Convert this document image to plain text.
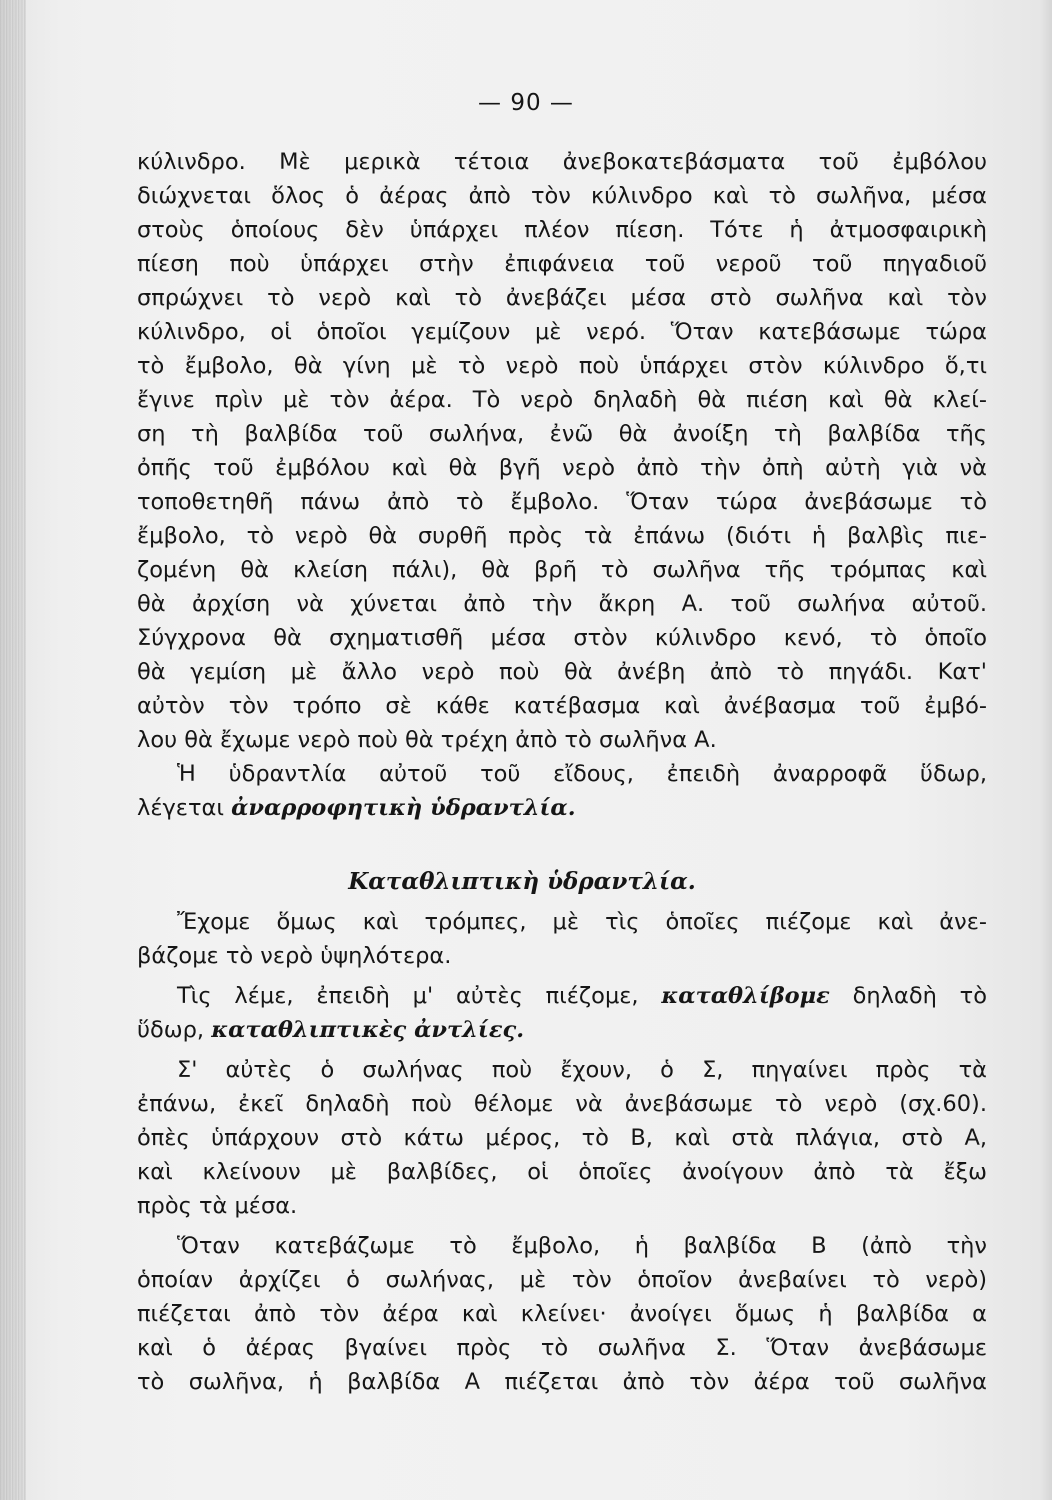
— 90 —
κύλινδρο. Μὲ μερικὰ τέτοια ἀνεβοκατεβάσματα τοῦ ἐμβόλου
διώχνεται ὅλος ὁ ἀέρας ἀπὸ τὸν κύλινδρο καὶ τὸ σωλῆνα, μέσα
στοὺς ὁποίους δὲν ὑπάρχει πλέον πίεση. Τότε ἡ ἀτμοσφαιρικὴ
πίεση ποὺ ὑπάρχει στὴν ἐπιφάνεια τοῦ νεροῦ τοῦ πηγαδιοῦ
σπρώχνει τὸ νερὸ καὶ τὸ ἀνεβάζει μέσα στὸ σωλῆνα καὶ τὸν
κύλινδρο, οἱ ὁποῖοι γεμίζουν μὲ νερό. Ὅταν κατεβάσωμε τώρα
τὸ ἔμβολο, θὰ γίνη μὲ τὸ νερὸ ποὺ ὑπάρχει στὸν κύλινδρο ὅ,τι
ἔγινε πρὶν μὲ τὸν ἀέρα. Τὸ νερὸ δηλαδὴ θὰ πιέση καὶ θὰ κλεί-
ση τὴ βαλβίδα τοῦ σωλήνα, ἐνῶ θὰ ἀνοίξη τὴ βαλβίδα τῆς
ὀπῆς τοῦ ἐμβόλου καὶ θὰ βγῆ νερὸ ἀπὸ τὴν ὀπὴ αὐτὴ γιὰ νὰ
τοποθετηθῆ πάνω ἀπὸ τὸ ἔμβολο. Ὅταν τώρα ἀνεβάσωμε τὸ
ἔμβολο, τὸ νερὸ θὰ συρθῆ πρὸς τὰ ἐπάνω (διότι ἡ βαλβὶς πιε-
ζομένη θὰ κλείση πάλι), θὰ βρῆ τὸ σωλῆνα τῆς τρόμπας καὶ
θὰ ἀρχίση νὰ χύνεται ἀπὸ τὴν ἄκρη Α. τοῦ σωλήνα αὐτοῦ.
Σύγχρονα θὰ σχηματισθῆ μέσα στὸν κύλινδρο κενό, τὸ ὁποῖο
θὰ γεμίση μὲ ἄλλο νερὸ ποὺ θὰ ἀνέβη ἀπὸ τὸ πηγάδι. Κατ'
αὐτὸν τὸν τρόπο σὲ κάθε κατέβασμα καὶ ἀνέβασμα τοῦ ἐμβό-
λου θὰ ἔχωμε νερὸ ποὺ θὰ τρέχη ἀπὸ τὸ σωλῆνα Α.
Ἡ ὑδραντλία αὐτοῦ τοῦ εἴδους, ἐπειδὴ ἀναρροφᾶ ὕδωρ,
λέγεται ἀναρροφητικὴ ὑδραντλία.
Καταθλιπτικὴ ὑδραντλία.
Ἔχομε ὅμως καὶ τρόμπες, μὲ τὶς ὁποῖες πιέζομε καὶ ἀνε-
βάζομε τὸ νερὸ ὑψηλότερα.
Τὶς λέμε, ἐπειδὴ μ' αὐτὲς πιέζομε, καταθλίβομε δηλαδὴ τὸ
ὕδωρ, καταθλιπτικὲς ἀντλίες.
Σ' αὐτὲς ὁ σωλήνας ποὺ ἔχουν, ὁ Σ, πηγαίνει πρὸς τὰ
ἐπάνω, ἐκεῖ δηλαδὴ ποὺ θέλομε νὰ ἀνεβάσωμε τὸ νερὸ (σχ.60).
ὀπὲς ὑπάρχουν στὸ κάτω μέρος, τὸ Β, καὶ στὰ πλάγια, στὸ Α,
καὶ κλείνουν μὲ βαλβίδες, οἱ ὁποῖες ἀνοίγουν ἀπὸ τὰ ἔξω
πρὸς τὰ μέσα.
Ὅταν κατεβάζωμε τὸ ἔμβολο, ἡ βαλβίδα Β (ἀπὸ τὴν
ὁποίαν ἀρχίζει ὁ σωλήνας, μὲ τὸν ὁποῖον ἀνεβαίνει τὸ νερὸ)
πιέζεται ἀπὸ τὸν ἀέρα καὶ κλείνει· ἀνοίγει ὅμως ἡ βαλβίδα α
καὶ ὁ ἀέρας βγαίνει πρὸς τὸ σωλῆνα Σ. Ὅταν ἀνεβάσωμε
τὸ σωλῆνα, ἡ βαλβίδα Α πιέζεται ἀπὸ τὸν ἀέρα τοῦ σωλῆνα
